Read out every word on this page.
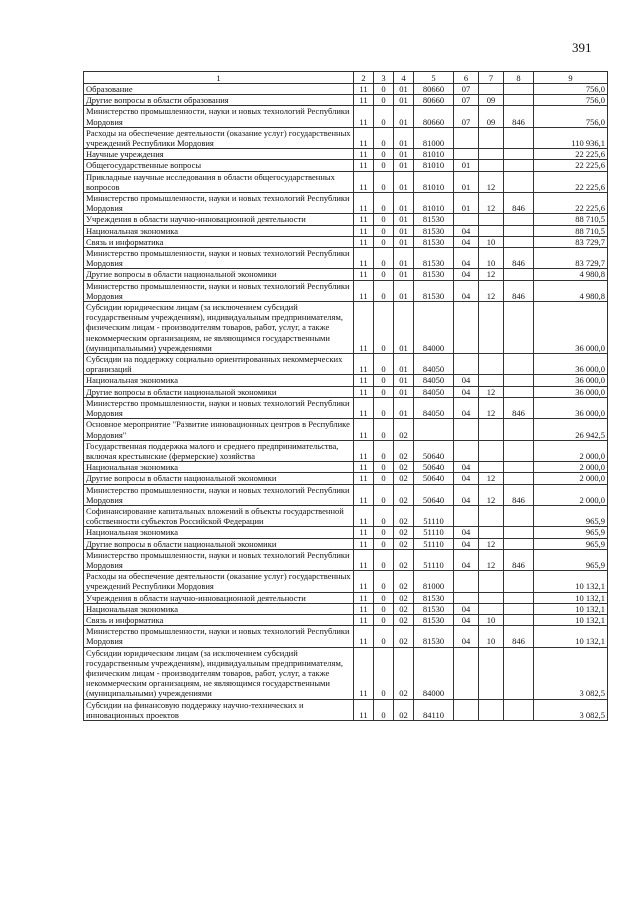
391
1	2	3	4	5	6	7	8	9
Образование	11	0	01	80660	07			756,0
Другие вопросы в области образования	11	0	01	80660	07	09		756,0
Министерство промышленности, науки и новых технологий Республики Мордовия	11	0	01	80660	07	09	846	756,0
Расходы на обеспечение деятельности (оказание услуг) государственных учреждений Республики Мордовия	11	0	01	81000				110 936,1
Научные учреждения	11	0	01	81010				22 225,6
Общегосударственные вопросы	11	0	01	81010	01			22 225,6
Прикладные научные исследования в области общегосударственных вопросов	11	0	01	81010	01	12		22 225,6
Министерство промышленности, науки и новых технологий Республики Мордовия	11	0	01	81010	01	12	846	22 225,6
Учреждения в области научно-инновационной деятельности	11	0	01	81530				88 710,5
Национальная экономика	11	0	01	81530	04			88 710,5
Связь и информатика	11	0	01	81530	04	10		83 729,7
Министерство промышленности, науки и новых технологий Республики Мордовия	11	0	01	81530	04	10	846	83 729,7
Другие вопросы в области национальной экономики	11	0	01	81530	04	12		4 980,8
Министерство промышленности, науки и новых технологий Республики Мордовия	11	0	01	81530	04	12	846	4 980,8
Субсидии юридическим лицам (за исключением субсидий государственным учреждениям), индивидуальным предпринимателям, физическим лицам - производителям товаров, работ, услуг, а также некоммерческим организациям, не являющимся государственными (муниципальными) учреждениями	11	0	01	84000				36 000,0
Субсидии на поддержку социально ориентированных некоммерческих организаций	11	0	01	84050				36 000,0
Национальная экономика	11	0	01	84050	04			36 000,0
Другие вопросы в области национальной экономики	11	0	01	84050	04	12		36 000,0
Министерство промышленности, науки и новых технологий Республики Мордовия	11	0	01	84050	04	12	846	36 000,0
Основное мероприятие "Развитие инновационных центров в Республике Мордовия"	11	0	02					26 942,5
Государственная поддержка малого и среднего предпринимательства, включая крестьянские (фермерские) хозяйства	11	0	02	50640				2 000,0
Национальная экономика	11	0	02	50640	04			2 000,0
Другие вопросы в области национальной экономики	11	0	02	50640	04	12		2 000,0
Министерство промышленности, науки и новых технологий Республики Мордовия	11	0	02	50640	04	12	846	2 000,0
Софинансирование капитальных вложений в объекты государственной собственности субъектов Российской Федерации	11	0	02	51110				965,9
Национальная экономика	11	0	02	51110	04			965,9
Другие вопросы в области национальной экономики	11	0	02	51110	04	12		965,9
Министерство промышленности, науки и новых технологий Республики Мордовия	11	0	02	51110	04	12	846	965,9
Расходы на обеспечение деятельности (оказание услуг) государственных учреждений Республики Мордовия	11	0	02	81000				10 132,1
Учреждения в области научно-инновационной деятельности	11	0	02	81530				10 132,1
Национальная экономика	11	0	02	81530	04			10 132,1
Связь и информатика	11	0	02	81530	04	10		10 132,1
Министерство промышленности, науки и новых технологий Республики Мордовия	11	0	02	81530	04	10	846	10 132,1
Субсидии юридическим лицам (за исключением субсидий государственным учреждениям), индивидуальным предпринимателям, физическим лицам - производителям товаров, работ, услуг, а также некоммерческим организациям, не являющимся государственными (муниципальными) учреждениями	11	0	02	84000				3 082,5
Субсидии на финансовую поддержку научно-технических и инновационных проектов	11	0	02	84110				3 082,5
